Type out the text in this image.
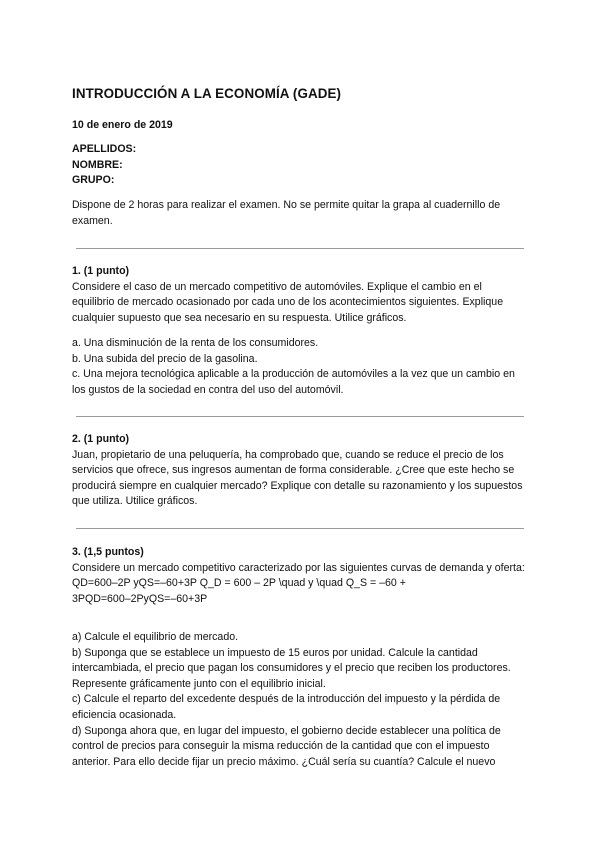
INTRODUCCIÓN A LA ECONOMÍA (GADE)
10 de enero de 2019
APELLIDOS:
NOMBRE:
GRUPO:
Dispone de 2 horas para realizar el examen. No se permite quitar la grapa al cuadernillo de examen.
1. (1 punto)
Considere el caso de un mercado competitivo de automóviles. Explique el cambio en el equilibrio de mercado ocasionado por cada uno de los acontecimientos siguientes. Explique cualquier supuesto que sea necesario en su respuesta. Utilice gráficos.
a. Una disminución de la renta de los consumidores.
b. Una subida del precio de la gasolina.
c. Una mejora tecnológica aplicable a la producción de automóviles a la vez que un cambio en los gustos de la sociedad en contra del uso del automóvil.
2. (1 punto)
Juan, propietario de una peluquería, ha comprobado que, cuando se reduce el precio de los servicios que ofrece, sus ingresos aumentan de forma considerable. ¿Cree que este hecho se producirá siempre en cualquier mercado? Explique con detalle su razonamiento y los supuestos que utiliza. Utilice gráficos.
3. (1,5 puntos)
Considere un mercado competitivo caracterizado por las siguientes curvas de demanda y oferta:
QD=600–2P yQS=–60+3P Q_D = 600 – 2P \quad y \quad Q_S = –60 +
3PQD=600–2PyQS=–60+3P
a) Calcule el equilibrio de mercado.
b) Suponga que se establece un impuesto de 15 euros por unidad. Calcule la cantidad intercambiada, el precio que pagan los consumidores y el precio que reciben los productores. Represente gráficamente junto con el equilibrio inicial.
c) Calcule el reparto del excedente después de la introducción del impuesto y la pérdida de eficiencia ocasionada.
d) Suponga ahora que, en lugar del impuesto, el gobierno decide establecer una política de control de precios para conseguir la misma reducción de la cantidad que con el impuesto anterior. Para ello decide fijar un precio máximo. ¿Cuál sería su cuantía? Calcule el nuevo
